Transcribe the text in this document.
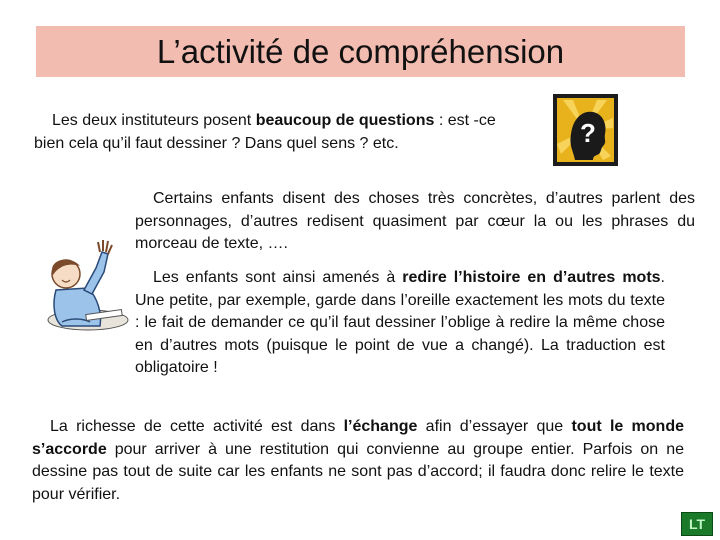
L’activité de compréhension

Les deux instituteurs posent beaucoup de questions : est -ce bien cela qu’il faut dessiner ? Dans quel sens ? etc.	?

Certains enfants disent des choses très concrètes, d’autres parlent des personnages, d’autres redisent quasiment par cœur la ou les phrases du morceau de texte, ….

Les enfants sont ainsi amenés à redire l’histoire en d’autres mots. Une petite, par exemple, garde dans l’oreille exactement les mots du texte : le fait de demander ce qu’il faut dessiner l’oblige à redire la même chose en d’autres mots (puisque le point de vue a changé). La traduction est obligatoire !

La richesse de cette activité est dans l’échange afin d’essayer que tout le monde s’accorde pour arriver à une restitution qui convienne au groupe entier. Parfois on ne dessine pas tout de suite car les enfants ne sont pas d’accord; il faudra donc relire le texte pour vérifier.

LT
